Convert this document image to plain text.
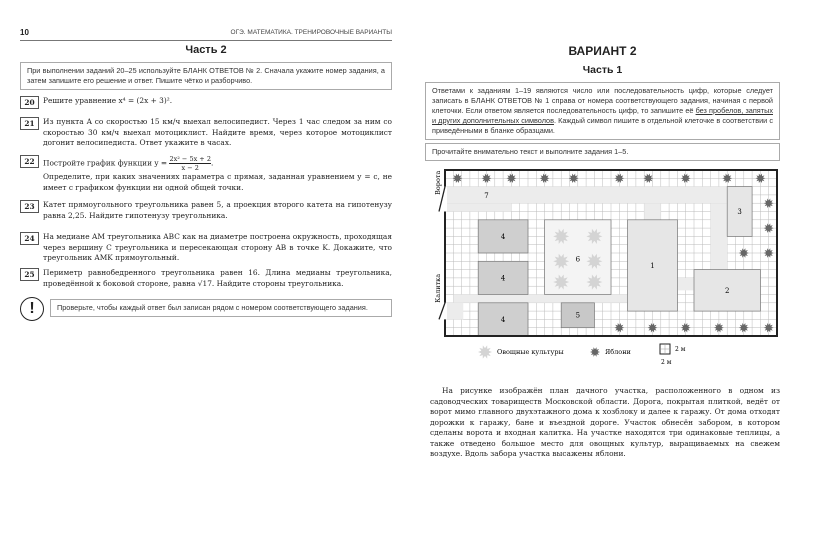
10	ОГЭ. МАТЕМАТИКА. ТРЕНИРОВОЧНЫЕ ВАРИАНТЫ
Часть 2
При выполнении заданий 20–25 используйте БЛАНК ОТВЕТОВ № 2. Сначала укажите номер задания, а затем запишите его решение и ответ. Пишите чётко и разборчиво.
20	Решите уравнение x⁴ = (2x + 3)².
21	Из пункта A со скоростью 15 км/ч выехал велосипедист. Через 1 час следом за ним со скоростью 30 км/ч выехал мотоциклист. Найдите время, через которое мотоциклист догонит велосипедиста. Ответ укажите в часах.
22	Постройте график функции $y = \frac{\text{2x² − 5x + 2}}{x - 2}$ .
Определите, при каких значениях параметра c прямая, заданная уравнением y = c, не имеет с графиком функции ни одной общей точки.
23	Катет прямоугольного треугольника равен 5, а проекция второго катета на гипотенузу равна 2,25. Найдите гипотенузу треугольника.
24	На медиане AM треугольника ABC как на диаметре построена окружность, проходящая через вершину C треугольника и пересекающая сторону AB в точке K. Докажите, что треугольник AMK прямоугольный.
25	Периметр равнобедренного треугольника равен 16. Длина медианы треугольника, проведённой к боковой стороне, равна √17. Найдите стороны треугольника.
!	Проверьте, чтобы каждый ответ был записан рядом с номером соответствующего задания.
ВАРИАНТ 2
Часть 1
Ответами к заданиям 1–19 являются число или последовательность цифр, которые следует записать в БЛАНК ОТВЕТОВ № 1 справа от номера соответствующего задания, начиная с первой клеточки. Если ответом является последовательность цифр, то запишите её без пробелов, запятых и других дополнительных символов. Каждый символ пишите в отдельной клеточке в соответствии с приведёнными в бланке образцами.
Прочитайте внимательно текст и выполните задания 1–5.
1
2
3
6
4
4
4
5
7
Ворота
Калитка
Овощные культуры	Яблони	2 м
2 м
На рисунке изображён план дачного участка, расположенного в одном из садоводческих товариществ Московской области. Дорога, покрытая плиткой, ведёт от ворот мимо главного двухэтажного дома к хозблоку и далее к гаражу. От дома отходят дорожки к гаражу, бане и въездной дороге. Участок обнесён забором, в котором сделаны ворота и входная калитка. На участке находятся три одинаковые теплицы, а также отведено большое место для овощных культур, выращиваемых на свежем воздухе. Вдоль забора участка высажены яблони.
